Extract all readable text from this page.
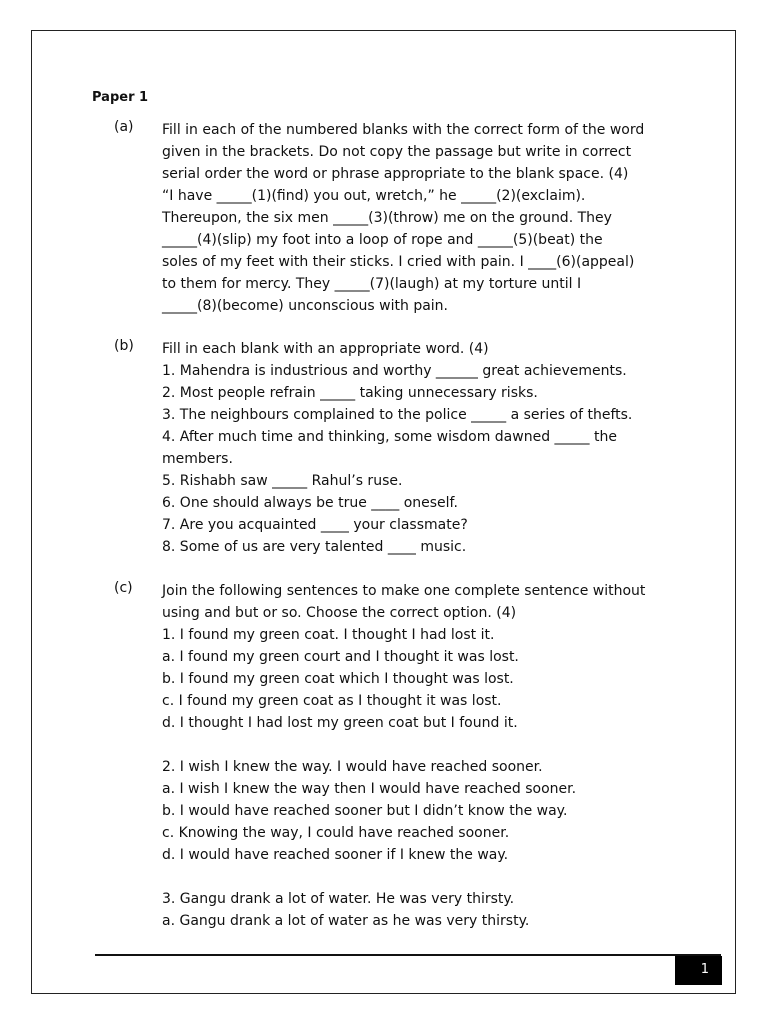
Paper 1
(a) Fill in each of the numbered blanks with the correct form of the word
given in the brackets. Do not copy the passage but write in correct
serial order the word or phrase appropriate to the blank space. (4)
“I have _____(1)(find) you out, wretch,” he _____(2)(exclaim).
Thereupon, the six men _____(3)(throw) me on the ground. They
_____(4)(slip) my foot into a loop of rope and _____(5)(beat) the
soles of my feet with their sticks. I cried with pain. I ____(6)(appeal)
to them for mercy. They _____(7)(laugh) at my torture until I
_____(8)(become) unconscious with pain.
(b) Fill in each blank with an appropriate word. (4)
1. Mahendra is industrious and worthy ______ great achievements.
2. Most people refrain _____ taking unnecessary risks.
3. The neighbours complained to the police _____ a series of thefts.
4. After much time and thinking, some wisdom dawned _____ the
members.
5. Rishabh saw _____ Rahul’s ruse.
6. One should always be true ____ oneself.
7. Are you acquainted ____ your classmate?
8. Some of us are very talented ____ music.
(c) Join the following sentences to make one complete sentence without
using and but or so. Choose the correct option. (4)
1. I found my green coat. I thought I had lost it.
a. I found my green court and I thought it was lost.
b. I found my green coat which I thought was lost.
c. I found my green coat as I thought it was lost.
d. I thought I had lost my green coat but I found it.
2. I wish I knew the way. I would have reached sooner.
a. I wish I knew the way then I would have reached sooner.
b. I would have reached sooner but I didn’t know the way.
c. Knowing the way, I could have reached sooner.
d. I would have reached sooner if I knew the way.
3. Gangu drank a lot of water. He was very thirsty.
a. Gangu drank a lot of water as he was very thirsty.
1
